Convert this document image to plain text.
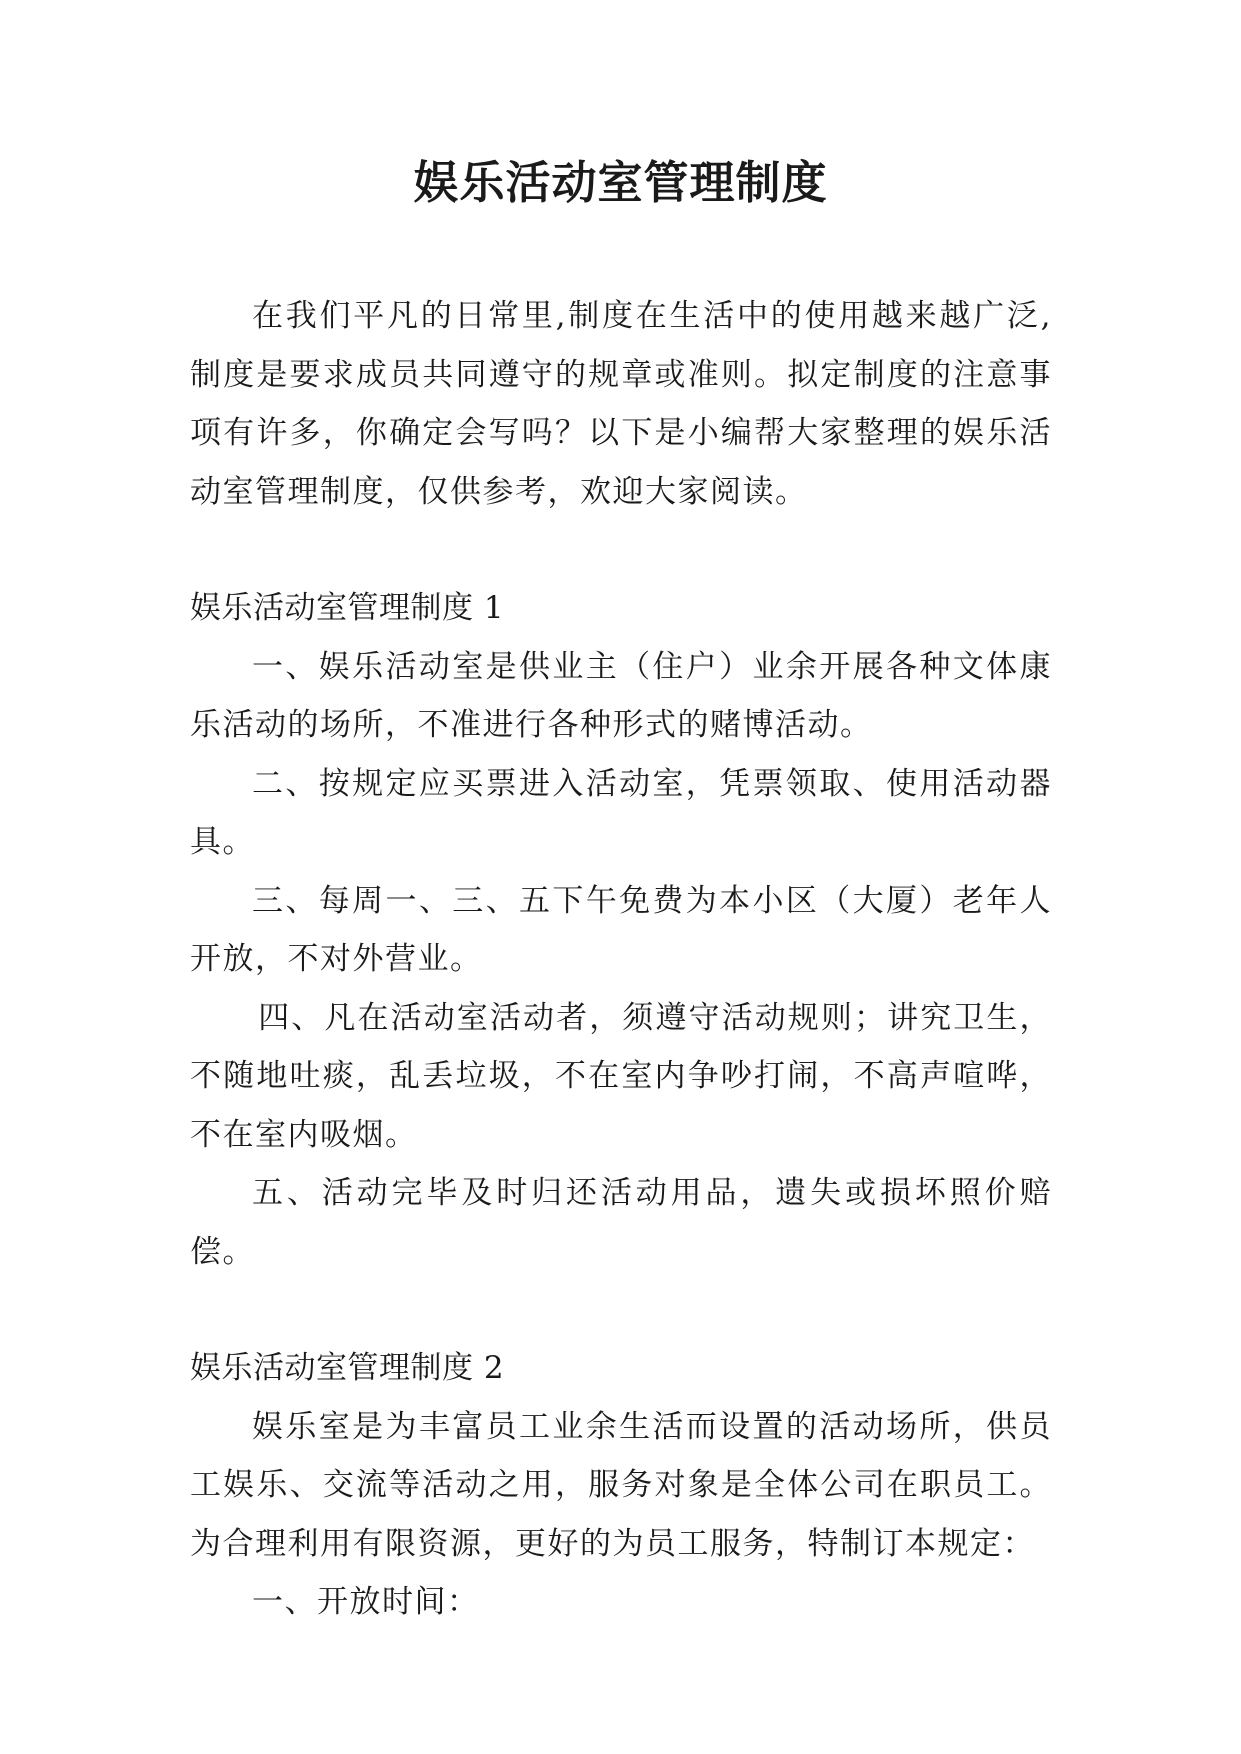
娱乐活动室管理制度

在我们平凡的日常里,制度在生活中的使用越来越广泛,制度是要求成员共同遵守的规章或准则。拟定制度的注意事项有许多，你确定会写吗？以下是小编帮大家整理的娱乐活动室管理制度，仅供参考，欢迎大家阅读。

娱乐活动室管理制度 1

一、娱乐活动室是供业主（住户）业余开展各种文体康乐活动的场所，不准进行各种形式的赌博活动。

二、按规定应买票进入活动室，凭票领取、使用活动器具。

三、每周一、三、五下午免费为本小区（大厦）老年人开放，不对外营业。

四、凡在活动室活动者，须遵守活动规则；讲究卫生，不随地吐痰，乱丢垃圾，不在室内争吵打闹，不高声喧哗，不在室内吸烟。

五、活动完毕及时归还活动用品，遗失或损坏照价赔偿。

娱乐活动室管理制度 2

娱乐室是为丰富员工业余生活而设置的活动场所，供员工娱乐、交流等活动之用，服务对象是全体公司在职员工。为合理利用有限资源，更好的为员工服务，特制订本规定：

一、开放时间：
